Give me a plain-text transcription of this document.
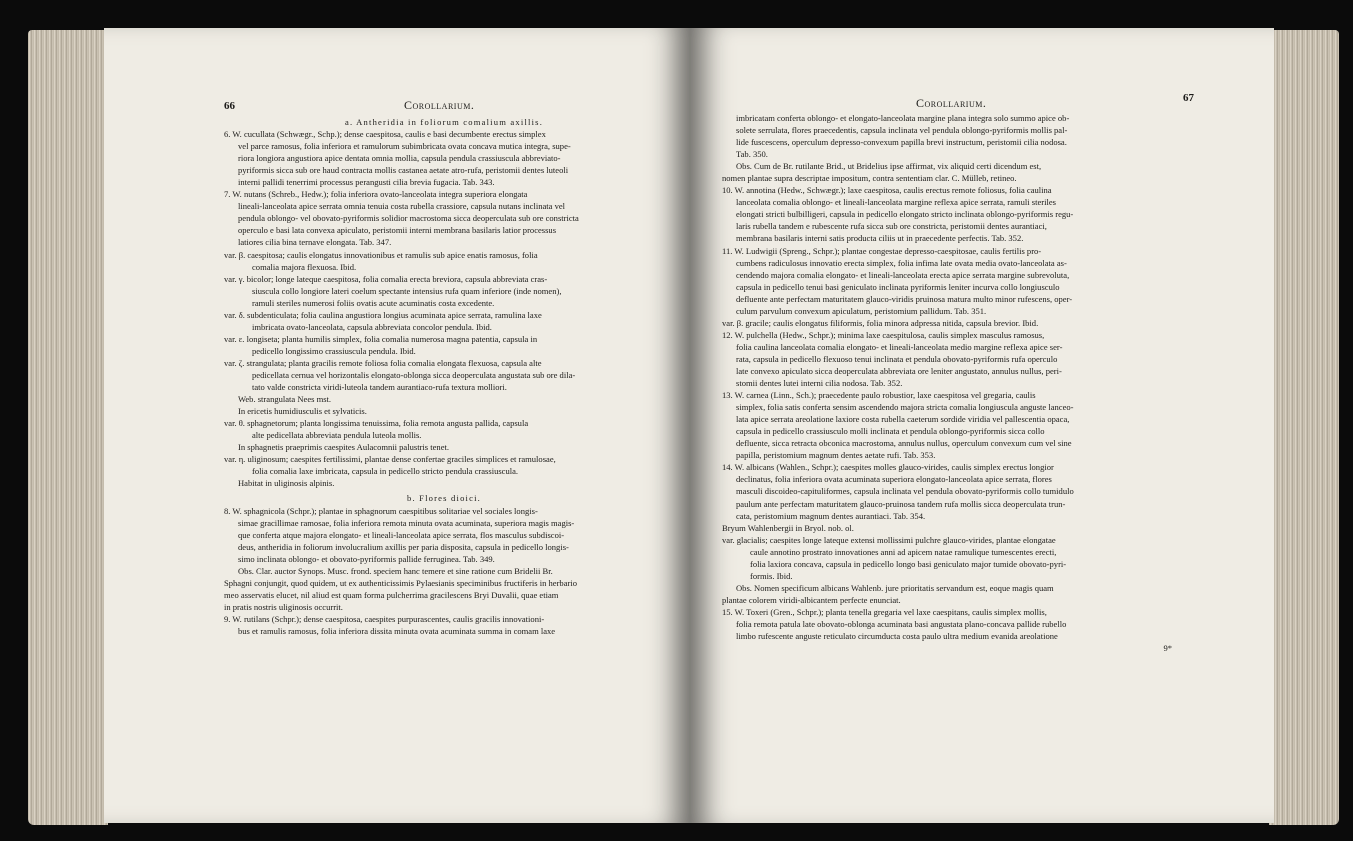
66	Corollarium.

a. Antheridia in foliorum comalium axillis.

6. W. cucullata (Schwægr., Schp.); dense caespitosa, caulis e basi decumbente erectus simplex

vel parce ramosus, folia inferiora et ramulorum subimbricata ovata concava mutica integra, supe-

riora longiora angustiora apice dentata omnia mollia, capsula pendula crassiuscula abbreviato-

pyriformis sicca sub ore haud contracta mollis castanea aetate atro-rufa, peristomii dentes luteoli

interni pallidi tenerrimi processus perangusti cilia brevia fugacia. Tab. 343.

7. W. nutans (Schreb., Hedw.); folia inferiora ovato-lanceolata integra superiora elongata

lineali-lanceolata apice serrata omnia tenuia costa rubella crassiore, capsula nutans inclinata vel

pendula oblongo- vel obovato-pyriformis solidior macrostoma sicca deoperculata sub ore constricta

operculo e basi lata convexa apiculato, peristomii interni membrana basilaris latior processus

latiores cilia bina ternave elongata. Tab. 347.

var. β. caespitosa; caulis elongatus innovationibus et ramulis sub apice enatis ramosus, folia

comalia majora flexuosa. Ibid.

var. γ. bicolor; longe lateque caespitosa, folia comalia erecta breviora, capsula abbreviata cras-

siuscula collo longiore lateri coelum spectante intensius rufa quam inferiore (inde nomen),

ramuli steriles numerosi foliis ovatis acute acuminatis costa excedente.

var. δ. subdenticulata; folia caulina angustiora longius acuminata apice serrata, ramulina laxe

imbricata ovato-lanceolata, capsula abbreviata concolor pendula. Ibid.

var. ε. longiseta; planta humilis simplex, folia comalia numerosa magna patentia, capsula in

pedicello longissimo crassiuscula pendula. Ibid.

var. ζ. strangulata; planta gracilis remote foliosa folia comalia elongata flexuosa, capsula alte

pedicellata cernua vel horizontalis elongato-oblonga sicca deoperculata angustata sub ore dila-

tato valde constricta viridi-luteola tandem aurantiaco-rufa textura molliori.

Web. strangulata Nees mst.

In ericetis humidiusculis et sylvaticis.

var. θ. sphagnetorum; planta longissima tenuissima, folia remota angusta pallida, capsula

alte pedicellata abbreviata pendula luteola mollis.

In sphagnetis praeprimis caespites Aulacomnii palustris tenet.

var. η. uliginosum; caespites fertilissimi, plantae dense confertae graciles simplices et ramulosae,

folia comalia laxe imbricata, capsula in pedicello stricto pendula crassiuscula.

Habitat in uliginosis alpinis.

b. Flores dioici.

8. W. sphagnicola (Schpr.); plantae in sphagnorum caespitibus solitariae vel sociales longis-

simae gracillimae ramosae, folia inferiora remota minuta ovata acuminata, superiora magis magis-

que conferta atque majora elongato- et lineali-lanceolata apice serrata, flos masculus subdiscoi-

deus, antheridia in foliorum involucralium axillis per paria disposita, capsula in pedicello longis-

simo inclinata oblongo- et obovato-pyriformis pallide ferruginea. Tab. 349.

Obs. Clar. auctor Synops. Musc. frond. speciem hanc temere et sine ratione cum Bridelii Br.

Sphagni conjungit, quod quidem, ut ex authenticissimis Pylaesianis speciminibus fructiferis in herbario

meo asservatis elucet, nil aliud est quam forma pulcherrima gracilescens Bryi Duvalii, quae etiam

in pratis nostris uliginosis occurrit.

9. W. rutilans (Schpr.); dense caespitosa, caespites purpurascentes, caulis gracilis innovationi-

bus et ramulis ramosus, folia inferiora dissita minuta ovata acuminata summa in comam laxe

Corollarium.	67

imbricatam conferta oblongo- et elongato-lanceolata margine plana integra solo summo apice ob-

solete serrulata, flores praecedentis, capsula inclinata vel pendula oblongo-pyriformis mollis pal-

lide fuscescens, operculum depresso-convexum papilla brevi instructum, peristomii cilia nodosa.

Tab. 350.

Obs. Cum de Br. rutilante Brid., ut Bridelius ipse affirmat, vix aliquid certi dicendum est,

nomen plantae supra descriptae impositum, contra sententiam clar. C. Mülleb, retineo.

10. W. annotina (Hedw., Schwægr.); laxe caespitosa, caulis erectus remote foliosus, folia caulina

lanceolata comalia oblongo- et lineali-lanceolata margine reflexa apice serrata, ramuli steriles

elongati stricti bulbilligeri, capsula in pedicello elongato stricto inclinata oblongo-pyriformis regu-

laris rubella tandem e rubescente rufa sicca sub ore constricta, peristomii dentes aurantiaci,

membrana basilaris interni satis producta ciliis ut in praecedente perfectis. Tab. 352.

11. W. Ludwigii (Spreng., Schpr.); plantae congestae depresso-caespitosae, caulis fertilis pro-

cumbens radiculosus innovatio erecta simplex, folia infima late ovata media ovato-lanceolata as-

cendendo majora comalia elongato- et lineali-lanceolata erecta apice serrata margine subrevoluta,

capsula in pedicello tenui basi geniculato inclinata pyriformis leniter incurva collo longiusculo

defluente ante perfectam maturitatem glauco-viridis pruinosa matura multo minor rufescens, oper-

culum parvulum convexum apiculatum, peristomium pallidum. Tab. 351.

var. β. gracile; caulis elongatus filiformis, folia minora adpressa nitida, capsula brevior. Ibid.

12. W. pulchella (Hedw., Schpr.); minima laxe caespitulosa, caulis simplex masculus ramosus,

folia caulina lanceolata comalia elongato- et lineali-lanceolata medio margine reflexa apice ser-

rata, capsula in pedicello flexuoso tenui inclinata et pendula obovato-pyriformis rufa operculo

late convexo apiculato sicca deoperculata abbreviata ore leniter angustato, annulus nullus, peri-

stomii dentes lutei interni cilia nodosa. Tab. 352.

13. W. carnea (Linn., Sch.); praecedente paulo robustior, laxe caespitosa vel gregaria, caulis

simplex, folia satis conferta sensim ascendendo majora stricta comalia longiuscula anguste lanceo-

lata apice serrata areolatione laxiore costa rubella caeterum sordide viridia vel pallescentia opaca,

capsula in pedicello crassiusculo molli inclinata et pendula oblongo-pyriformis sicca collo

defluente, sicca retracta obconica macrostoma, annulus nullus, operculum convexum cum vel sine

papilla, peristomium magnum dentes aetate rufi. Tab. 353.

14. W. albicans (Wahlen., Schpr.); caespites molles glauco-virides, caulis simplex erectus longior

declinatus, folia inferiora ovata acuminata superiora elongato-lanceolata apice serrata, flores

masculi discoideo-capituliformes, capsula inclinata vel pendula obovato-pyriformis collo tumidulo

paulum ante perfectam maturitatem glauco-pruinosa tandem rufa mollis sicca deoperculata trun-

cata, peristomium magnum dentes aurantiaci. Tab. 354.

Bryum Wahlenbergii in Bryol. nob. ol.

var. glacialis; caespites longe lateque extensi mollissimi pulchre glauco-virides, plantae elongatae

caule annotino prostrato innovationes anni ad apicem natae ramulique tumescentes erecti,

folia laxiora concava, capsula in pedicello longo basi geniculato major tumide obovato-pyri-

formis. Ibid.

Obs. Nomen specificum albicans Wahlenb. jure prioritatis servandum est, eoque magis quam

plantae colorem viridi-albicantem perfecte enunciat.

15. W. Toxeri (Gren., Schpr.); planta tenella gregaria vel laxe caespitans, caulis simplex mollis,

folia remota patula late obovato-oblonga acuminata basi angustata plano-concava pallide rubello

limbo rufescente anguste reticulato circumducta costa paulo ultra medium evanida areolatione

9*
